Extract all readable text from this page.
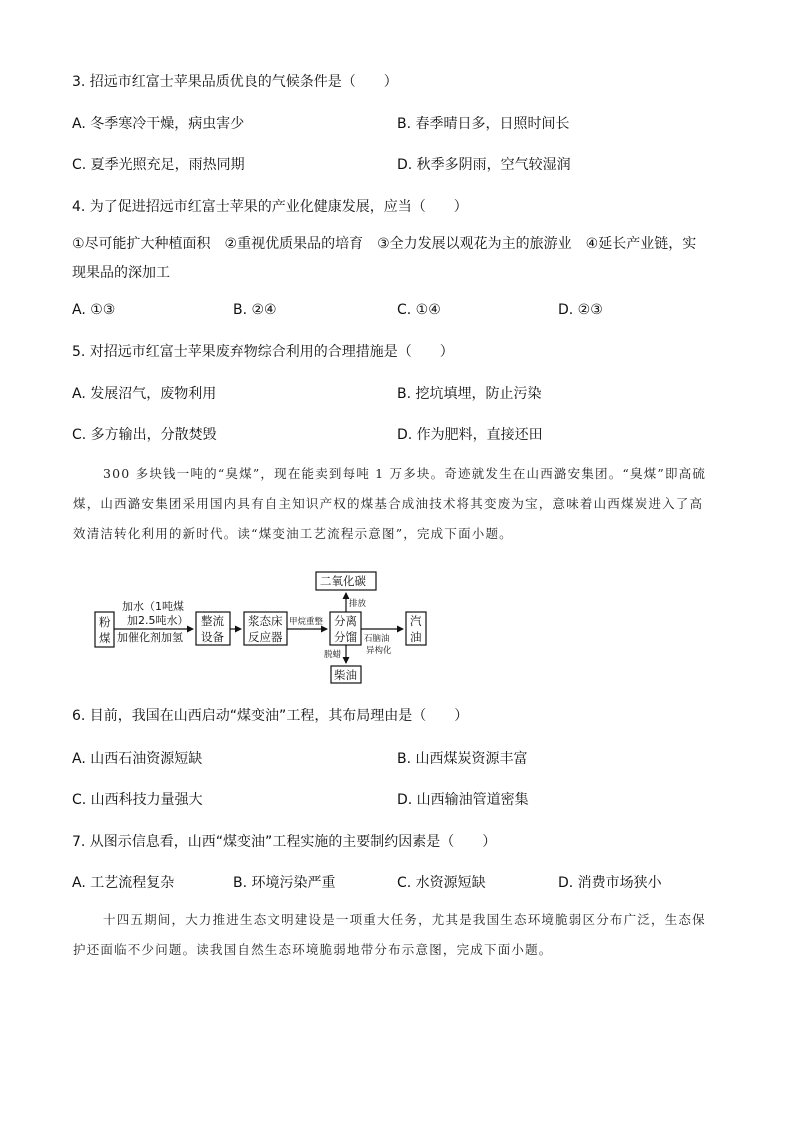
3. 招远市红富士苹果品质优良的气候条件是（　　）
A. 冬季寒冷干燥，病虫害少	B. 春季晴日多，日照时间长
C. 夏季光照充足，雨热同期	D. 秋季多阴雨，空气较湿润
4. 为了促进招远市红富士苹果的产业化健康发展，应当（　　）
①尽可能扩大种植面积　②重视优质果品的培育　③全力发展以观花为主的旅游业　④延长产业链，实
现果品的深加工
A. ①③	B. ②④	C. ①④	D. ②③
5. 对招远市红富士苹果废弃物综合利用的合理措施是（　　）
A. 发展沼气，废物利用	B. 挖坑填埋，防止污染
C. 多方输出，分散焚毁	D. 作为肥料，直接还田
300 多块钱一吨的“臭煤”，现在能卖到每吨 1 万多块。奇迹就发生在山西潞安集团。“臭煤”即高硫
煤，山西潞安集团采用国内具有自主知识产权的煤基合成油技术将其变废为宝，意味着山西煤炭进入了高
效清洁转化利用的新时代。读“煤变油工艺流程示意图”，完成下面小题。
粉
煤
整流
设备
浆态床
反应器
分离
分馏
汽
油
二氧化碳
柴油
加水（1吨煤
加2.5吨水）
加催化剂加氢
甲烷重整
排放
脱蜡
石脑油
异构化
6. 目前，我国在山西启动“煤变油”工程，其布局理由是（　　）
A. 山西石油资源短缺	B. 山西煤炭资源丰富
C. 山西科技力量强大	D. 山西输油管道密集
7. 从图示信息看，山西“煤变油”工程实施的主要制约因素是（　　）
A. 工艺流程复杂	B. 环境污染严重	C. 水资源短缺	D. 消费市场狭小
十四五期间，大力推进生态文明建设是一项重大任务，尤其是我国生态环境脆弱区分布广泛，生态保
护还面临不少问题。读我国自然生态环境脆弱地带分布示意图，完成下面小题。
